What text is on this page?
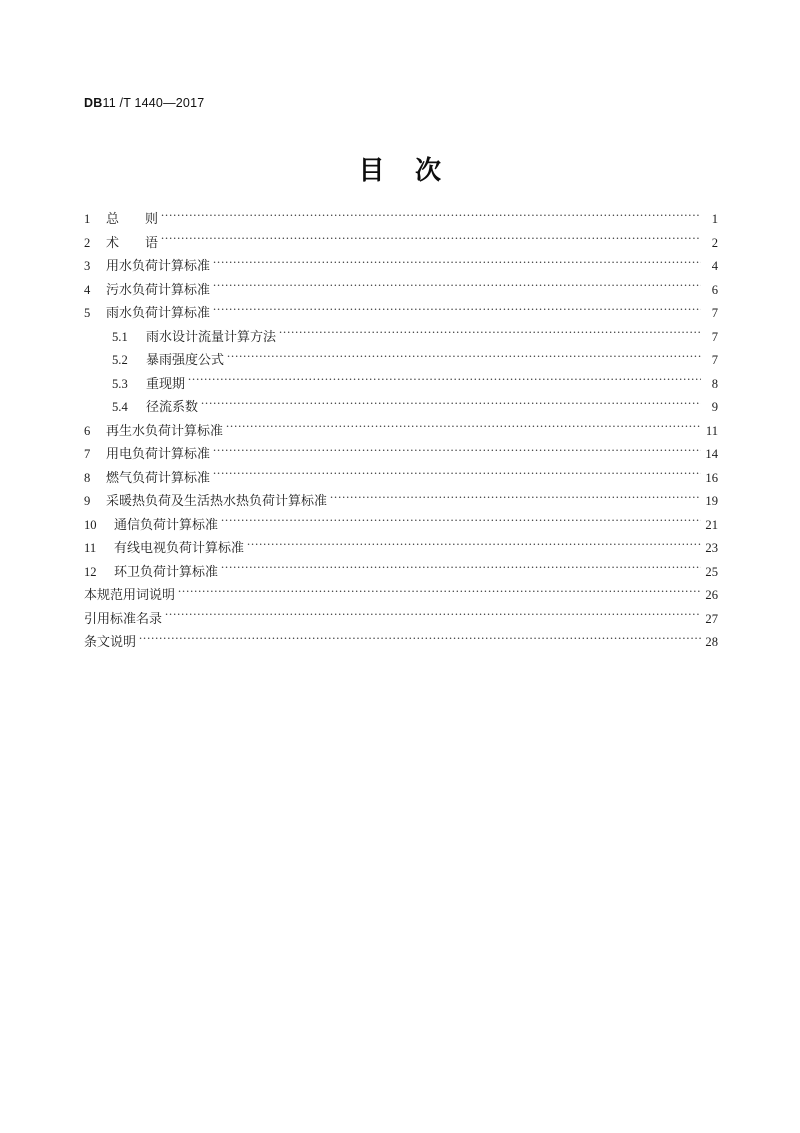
DB11 /T 1440—2017
目 次
1	总 则 .....	1
2	术 语 .....	2
3	用水负荷计算标准 .....	4
4	污水负荷计算标准 .....	6
5	雨水负荷计算标准 .....	7
5.1	雨水设计流量计算方法 .....	7
5.2	暴雨强度公式 .....	7
5.3	重现期 .....	8
5.4	径流系数 .....	9
6	再生水负荷计算标准 .....	11
7	用电负荷计算标准 .....	14
8	燃气负荷计算标准 .....	16
9	采暖热负荷及生活热水热负荷计算标准 .....	19
10	通信负荷计算标准 .....	21
11	有线电视负荷计算标准 .....	23
12	环卫负荷计算标准 .....	25
本规范用词说明 .....	26
引用标准名录 .....	27
条文说明 .....	28
